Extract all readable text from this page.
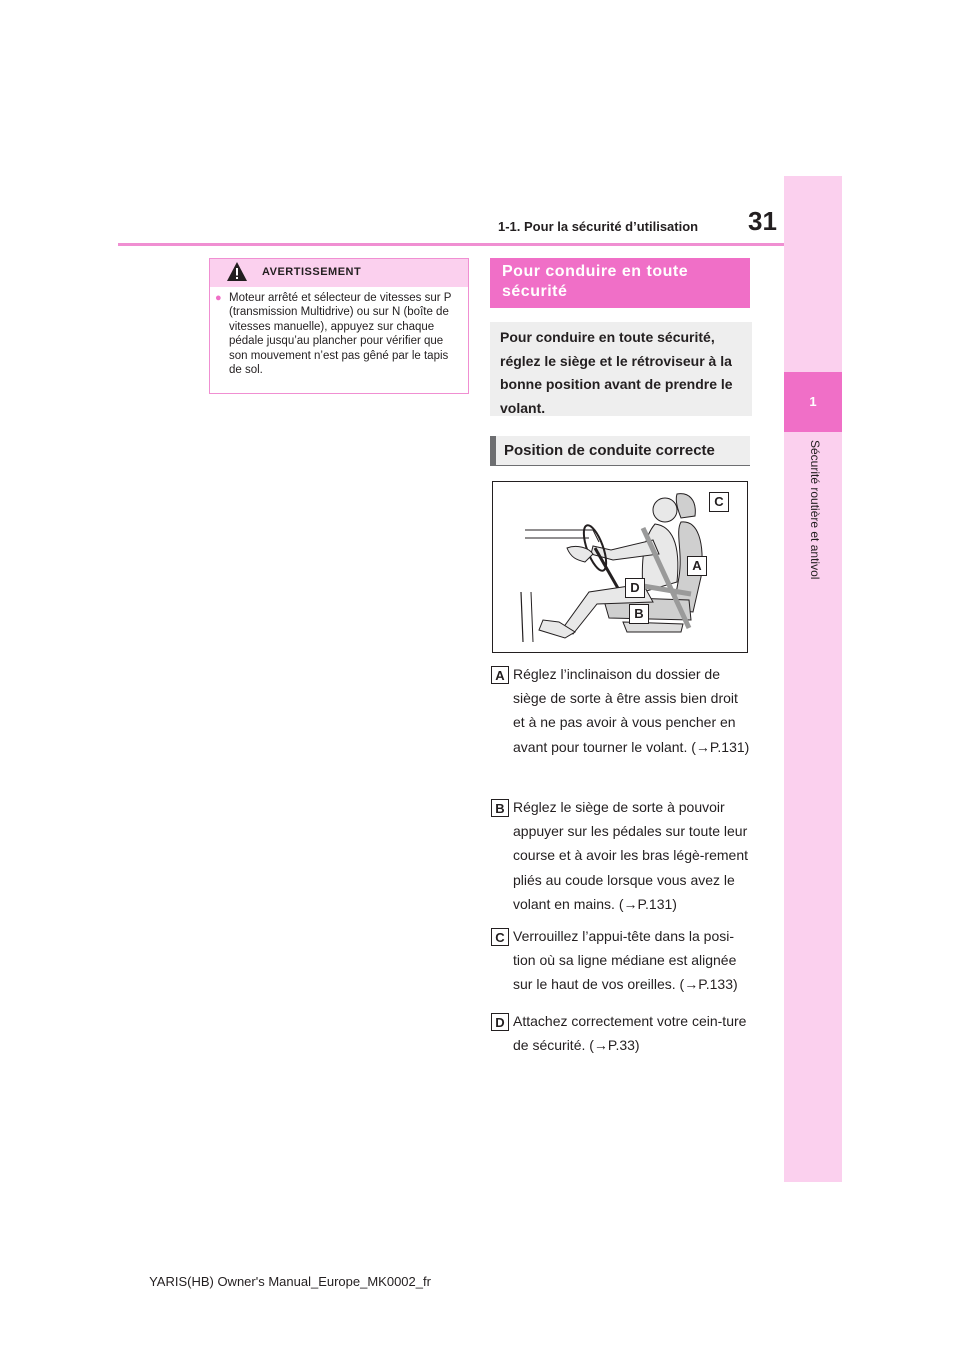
31
1-1. Pour la sécurité d’utilisation
1
Sécurité routière et antivol
AVERTISSEMENT
● Moteur arrêté et sélecteur de vitesses sur P (transmission Multidrive) ou sur N (boîte de vitesses manuelle), appuyez sur chaque pédale jusqu’au plancher pour vérifier que son mouvement n’est pas gêné par le tapis de sol.
Pour conduire en toute sécurité
Pour conduire en toute sécurité, réglez le siège et le rétroviseur à la bonne position avant de prendre le volant.
Position de conduite correcte
C
A
D
B
A Réglez l’inclinaison du dossier de siège de sorte à être assis bien droit et à ne pas avoir à vous pencher en avant pour tourner le volant. (→P.131)
B Réglez le siège de sorte à pouvoir appuyer sur les pédales sur toute leur course et à avoir les bras légè-rement pliés au coude lorsque vous avez le volant en mains. (→P.131)
C Verrouillez l’appui-tête dans la posi-tion où sa ligne médiane est alignée sur le haut de vos oreilles. (→P.133)
D Attachez correctement votre cein-ture de sécurité. (→P.33)
YARIS(HB) Owner's Manual_Europe_MK0002_fr
